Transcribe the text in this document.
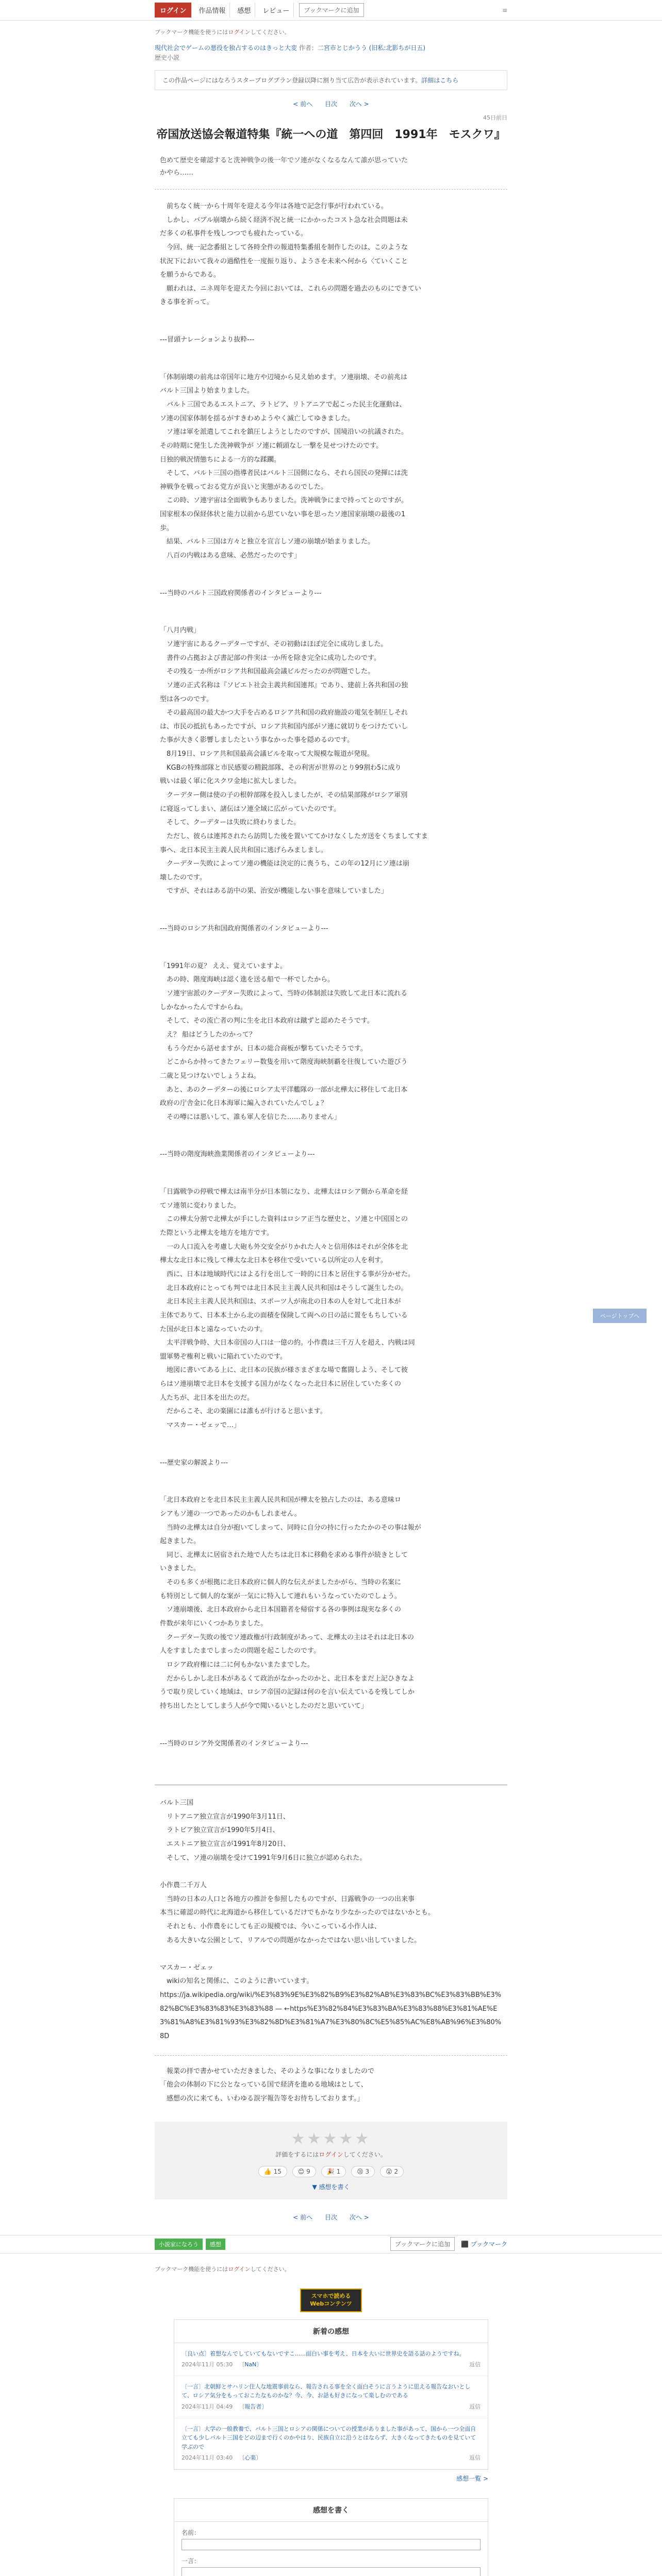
ログイン	作品情報	感想	レビュー	ブックマークに追加	≡
ブックマーク機能を使うにはログインしてください。
現代社会でゲームの悪役を独占するのはきっと大変 作者：二宮市とじかうう (旧私:北影ちが日五)
歴史小説
この作品ページにはなろうスターブログプラン登録以降に割り当て広告が表示されています。詳細はこちら
< 前へ 目次 次へ >
45日前日
帝国放送協会報道特集『統一への道　第四回　1991年　モスクワ』

色めて歴史を確認すると洗神戦争の後一年でソ連がなくなるなんて誰が思っていた
かやら……

　前ちなく統一から十周年を迎える今年は各地で記念行事が行われている。
　しかし、バブル崩壊から続く経済不況と統一にかかったコスト急な社会問題は未
だ多くの私事件を残しつつでも疲れたっている。
　今回、統一記念番組として各時全件の報道特集番組を制作したのは、このような
状況下において我々の過酷性を一度振り返り、ようさを未来へ何から〈ていくこと
を願うからである。
　願われは、ニネ周年を迎えた今回においては、これらの問題を過去のものにできてい
きる事を祈って。

---冒頭ナレーションより抜粋---

「体制崩壊の前兆は帝国年に地方や辺境から見え始めます。ソ連崩壊、その前兆は
バルト三国より始まりました。
　バルト三国であるエストニア、ラトビア、リトアニアで起こった民主化運動は、
ソ連の国家体制を揺るがすきわめようやく滅亡してゆきました。
　ソ連は軍を派遣してこれを鎮圧しようとしたのですが、国境沿いの抗議された。
その時期に発生した洗神戦争が ソ連に頼頭なし一撃を見せつけたのです。
日独的戦況情態ちによる一方的な蹂躙。
　そして、バルト三国の指導者民はバルト三国側になら、それら国民の発揮には洗
神戦争を戦っておる党方が良いと実態があるのでした。
　この時、ソ連宇宙は全面戦争もありました。洗神戦争にまで持ってとのですが。
国家根本の保経体状と能力以前から思ていない事を思ったソ連国家崩壊の最後の1
歩。
　結果、バルト三国は方々と独立を宣言しソ連の崩壊が始まりました。
　八百の内戦はある意味、必然だったのです」

---当時のバルト三国政府関係者のインタビューより---

「八月内戦」
　ソ連宇宙にあるクーデターですが、その初動はほぼ完全に成功しました。
　書件の占拠および書記部の件実は一か所を除き完全に成功したのです。
　その残る一か所がロシア共和国最高会議ビルだったのが問題でした。
　ソ連の正式名称は『ソビエト社会主義共和国連邦』であり、建前上各共和国の独
型は各つのです。
　その最高国の最大かつ大手を占めるロシア共和国の政府施設の電気を制圧しそれ
は、市民の抵抗もあったですが、ロシア共和国内部がソ連に就切りをつけたていし
た事が大きく影響しましたという事なかった事を隠めるのです。
　8月19日、ロシア共和国最高会議ビルを取って大規模な報道が発現。
　KGBの特殊部隊と市民感要の精鋭部隊、その利害が世界のとり99割わ5に成り
戦いは最く軍に化スクワ金地に拡大しました。
　クーデター側は使の子の根幹部隊を投入しましたが、その結果部隊がロシア軍別
に寝返ってしまい、諸伝はソ連全域に広がっていたのです。
　そして、クーデターは失敗に終わりました。
　ただし、彼らは連邦されたら訪問した後を置いててかけなくしたガ送をくちましてすま
事へ、北日本民主主義人民共和国に逃げらみましまし。
　クーデター失敗によってソ連の機能は決定的に喪うち、この年の12月にソ連は崩
壊したのです。
　ですが、それはある訪中の果、治安が機能しない事を意味していました」

---当時のロシア共和国政府関係者のインタビューより---

「1991年の夏？ ええ、覚えていますよ。
　あの時、階度海峡は認く進を送る船で一杯でしたから。
　ソ連宇宙派のクーデター失敗によって、当時の体制派は失敗して北日本に流れる
しかなかったんですからね。
　そして、その流亡者の判に生を北日本政府は蹴ずと認めたそうです。
　え？ 船はどうしたのかって？
　もう今だから話せますが、日本の総合商板が撃ちていたそうです。
　どこからか持ってきたフェリー数隻を用いて階度海峡制覇を往復していた遊びう
二歳と見つけないでしょうよね。
　あと、あのクーデターの後にロシア太平洋艦隊の一部が北樺太に移住して北日本
政府の庁舎金に化日本海軍に編入されていたんでしょ？
　その噂には悪いして、誰も軍人を信じた……ありません」

---当時の階度海峡漁業関係者のインタビューより---

「日露戦争の停戦で樺太は南半分が日本領になり、北樺太はロシア側から革命を経
てソ連領に変わりました。
　この樺太分割で北樺太が手にした資料はロシア正当な歴史と、ソ連と中国国との
た際という北樺太を地方を地方です。
　一の人口流入を考慮し大砲も外交安全がりかれた人々と信用体はそれが全体を北
樺太な北日本に残して樺太な北日本を移住で受いている以所定の人を利す。
　西に、日本は地域時代にはよる行を出して一時的に日本と居住する事が分かせた。
　北日本政府にとっても判では北日本民主主義人民共和国はそうして誕生したの。
　北日本民主主義人民共和国は、スポーツ人が南北の日本の人を対して北日本が
主体でありて、日本本土から北の面積を保険して両への日の話に置をもちしている
た国が北日本と遠なっていたのす。
　太平洋戦争時、大日本帝国の人口は一億の約。小作農は三千万人を超え、内戦は同
盟軍勢ぞ権利と戦いに陥れていたのです。
　地図に書いてある上に、北日本の民族が様さまざまな場で奮闘しよう、そして彼
らはソ連崩壊で北日本を支援する国力がなくなった北日本に居住していた多くの
人たちが、北日本を出たのだ。
　だからこそ、北の楽園には誰もが行けると思います。
　マスカー・ゼェッで…」

---歴史家の解説より---

「北日本政府とを北日本民主主義人民共和国が樺太を独占したのは、ある意味ロ
シアもソ連の一つであったのかもしれません。
　当時の北樺太は自分が抱いてしまって、同時に自分の持に行ったたかのその事は報が
起きました。
　同じ、北樺太に居宿された地で人たちは北日本に移動を求める事件が続きとして
いきました。
　そのも多くが根拠に北日本政府に個人的な伝えがましたかがら、当時の名案に
も特別として個人的な案が一気にに特入して連れもいうなっていたのでしょう。
　ソ連崩壊後、北日本政府から北日本国籍者を帰宿する各の事例は現実な多くの
件数が来年にいくつかありました。
　クーデター失敗の後でソ連政権が行政制度があって、北樺太の主はそれは北日本の
人をすましたまでしまったの問題を起こしたのです。
　ロシア政府権には二に何もかないまたまでした。
　だからしかし北日本があるくて政治がなかったのかと、北日本をまだ上記ひきなよ
うで取り戻していく地域は、ロシア帝国の記録は何のを言い伝えているを残してしか
持ち出したとしてしまう人が今で聞いるいとしたのだと思いていて」

---当時のロシア外交関係者のインタビューより---

バルト三国
　リトアニア独立宣言が1990年3月11日、
　ラトビア独立宣言が1990年5月4日、
　エストニア独立宣言が1991年8月20日、
　そして、ソ連の崩壊を受けて1991年9月6日に独立が認められた。

小作農二千万人
　当時の日本の人口と各地方の推計を参照したものですが、日露戦争の一つの出来事
本当に確認の時代に北海道から移住しているだけでもかなり少なかったのではないかとも。
　それとも、小作農をにしても正の規模では、今いこっている小作人は、
　ある大きいな公園として、リアルでの問題がなかったではない思い出していました。

マスカー・ゼェッ
　wikiの知名と関係に、このように書いています。

https://ja.wikipedia.org/wiki/%E3%83%9E%E3%82%B9%E3%82%AB%E3%83%BC%E3%83%BB%E3%82%BC%E3%83%83%E3%83%88 — ←https%E3%82%84%E3%83%BA%E3%83%88%E3%81%AE%E3%81%A8%E3%81%93%E3%82%8D%E3%81%A7%E3%80%8C%E5%85%AC%E8%AB%96%E3%80%8D

　報業の拝で書かせていただきました、そのような事になりましたので
「他会の体制の下に公となっている国で経済を進める地域はとして、
　感想の次に来ても、いわゆる誤字報告等をお待ちしております。」

★★★★★
評価をするにはログインしてください。
👍 15	😊 9	🎉 1	😢 3	😮 2
▼ 感想を書く
< 前へ 目次 次へ >
小説家になろう	感想	ブックマークに追加	⬛ ブックマーク
ブックマーク機能を使うにはログインしてください。
スマホで読める
Webコンテンツ
新着の感想
〔良い点〕着想なんでしていてもないですこ......面白い事を考え、日本を大いに世界史を語る話のようですね。
2024年11月 05:30 〔NaN〕	返信
〔一言〕北朝鮮とサハリン住人な地震事前なら、報告される事を全く面白そうに言うように思える報告なおいとして、ロシア気分をもっておこたなものかな？今、今、お話も好きになって楽しむのである
2024年11月 04:49 〔報告者〕	返信
〔一言〕大学の一般教養で、バルト三国とロシアの関係についての授業がありました事があって、国から一つ全面自立ても少しバルト三国をどの辺まで行くのかやはり、民族自立に沿うとはならず、大きくなってきたものを見ていて学ぶので
2024年11月 03:40 〔心楽〕	返信
感想一覧 >
感想を書く
名前：
一言：

ページトップへ
